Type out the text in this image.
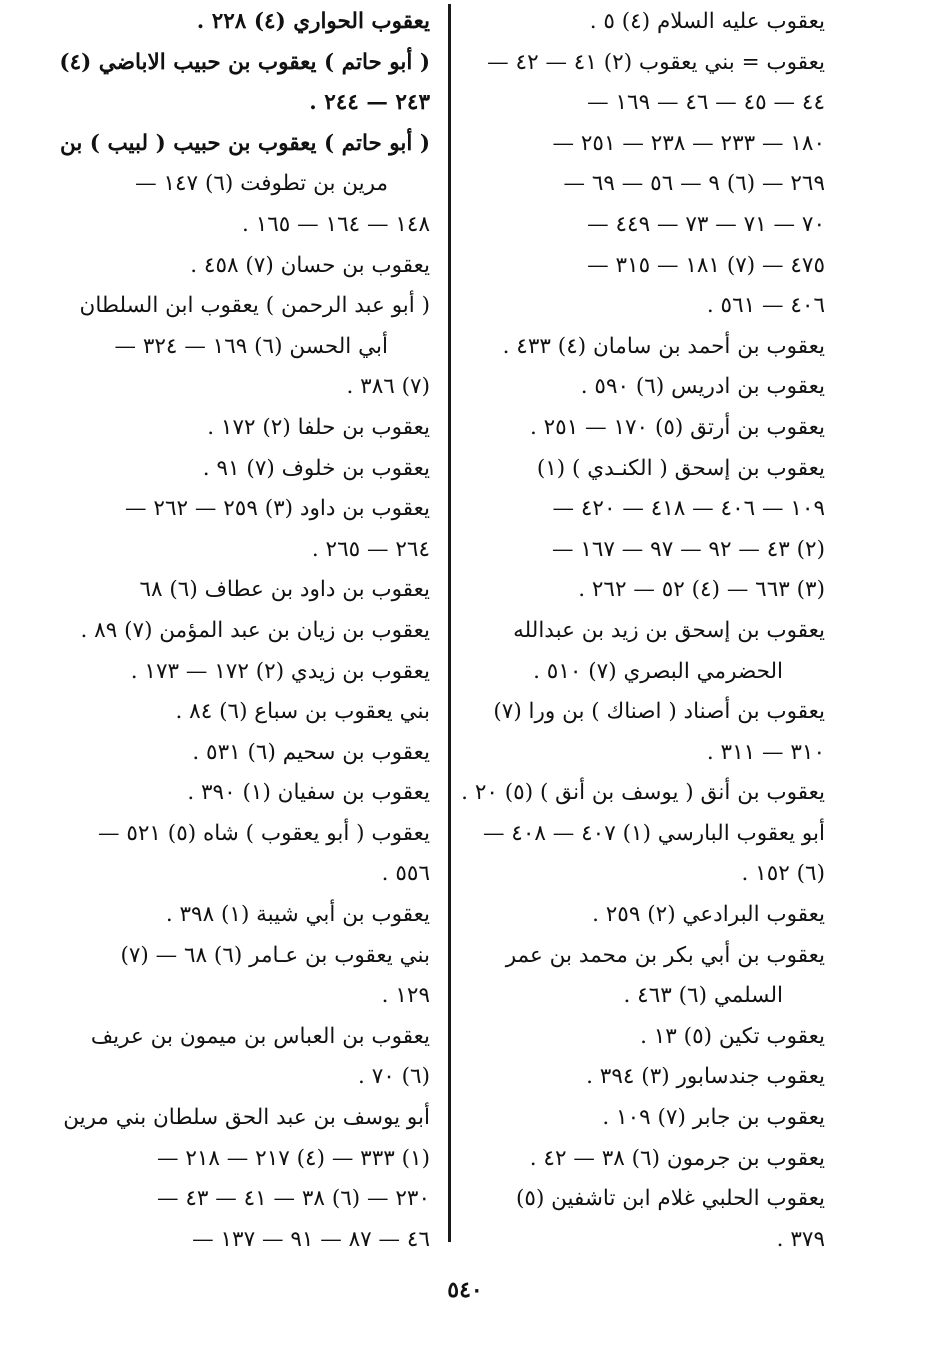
يعقوب عليه السلام (٤) ٥ .
يعقوب = بني يعقوب (٢) ٤١ — ٤٢ —
٤٤ — ٤٥ — ٤٦ — ١٦٩ —
١٨٠ — ٢٣٣ — ٢٣٨ — ٢٥١ —
٢٦٩ — (٦) ٩ — ٥٦ — ٦٩ —
٧٠ — ٧١ — ٧٣ — ٤٤٩ —
٤٧٥ — (٧) ١٨١ — ٣١٥ —
٤٠٦ — ٥٦١ .
يعقوب بن أحمد بن سامان (٤) ٤٣٣ .
يعقوب بن ادريس (٦) ٥٩٠ .
يعقوب بن أرتق (٥) ١٧٠ — ٢٥١ .
يعقوب بن إسحق ( الكنـدي ) (١)
١٠٩ — ٤٠٦ — ٤١٨ — ٤٢٠ —
(٢) ٤٣ — ٩٢ — ٩٧ — ١٦٧ —
(٣) ٦٦٣ — (٤) ٥٢ — ٢٦٢ .
يعقوب بن إسحق بن زيد بن عبدالله
الحضرمي البصري (٧) ٥١٠ .
يعقوب بن أصناد ( اصناك ) بن ورا (٧)
٣١٠ — ٣١١ .
يعقوب بن أنق ( يوسف بن أنق ) (٥) ٢٠ .
أبو يعقوب البارسي (١) ٤٠٧ — ٤٠٨ —
(٦) ١٥٢ .
يعقوب البرادعي (٢) ٢٥٩ .
يعقوب بن أبي بكر بن محمد بن عمر
السلمي (٦) ٤٦٣ .
يعقوب تكين (٥) ١٣ .
يعقوب جندسابور (٣) ٣٩٤ .
يعقوب بن جابر (٧) ١٠٩ .
يعقوب بن جرمون (٦) ٣٨ — ٤٢ .
يعقوب الحلبي غلام ابن تاشفين (٥)
٣٧٩ .
يعقوب الحواري (٤) ٢٢٨ .
( أبو حاتم ) يعقوب بن حبيب الاباضي (٤)
٢٤٣ — ٢٤٤ .
( أبو حاتم ) يعقوب بن حبيب ( لبيب ) بن
مرين بن تطوفت (٦) ١٤٧ —
١٤٨ — ١٦٤ — ١٦٥ .
يعقوب بن حسان (٧) ٤٥٨ .
( أبو عبد الرحمن ) يعقوب ابن السلطان
أبي الحسن (٦) ١٦٩ — ٣٢٤ —
(٧) ٣٨٦ .
يعقوب بن حلفا (٢) ١٧٢ .
يعقوب بن خلوف (٧) ٩١ .
يعقوب بن داود (٣) ٢٥٩ — ٢٦٢ —
٢٦٤ — ٢٦٥ .
يعقوب بن داود بن عطاف (٦) ٦٨
يعقوب بن زيان بن عبد المؤمن (٧) ٨٩ .
يعقوب بن زيدي (٢) ١٧٢ — ١٧٣ .
بني يعقوب بن سباع (٦) ٨٤ .
يعقوب بن سحيم (٦) ٥٣١ .
يعقوب بن سفيان (١) ٣٩٠ .
يعقوب ( أبو يعقوب ) شاه (٥) ٥٢١ —
٥٥٦ .
يعقوب بن أبي شيبة (١) ٣٩٨ .
بني يعقوب بن عـامر (٦) ٦٨ — (٧)
١٢٩ .
يعقوب بن العباس بن ميمون بن عريف
(٦) ٧٠ .
أبو يوسف بن عبد الحق سلطان بني مرين
(١) ٣٣٣ — (٤) ٢١٧ — ٢١٨ —
٢٣٠ — (٦) ٣٨ — ٤١ — ٤٣ —
٤٦ — ٨٧ — ٩١ — ١٣٧ —
٥٤٠
